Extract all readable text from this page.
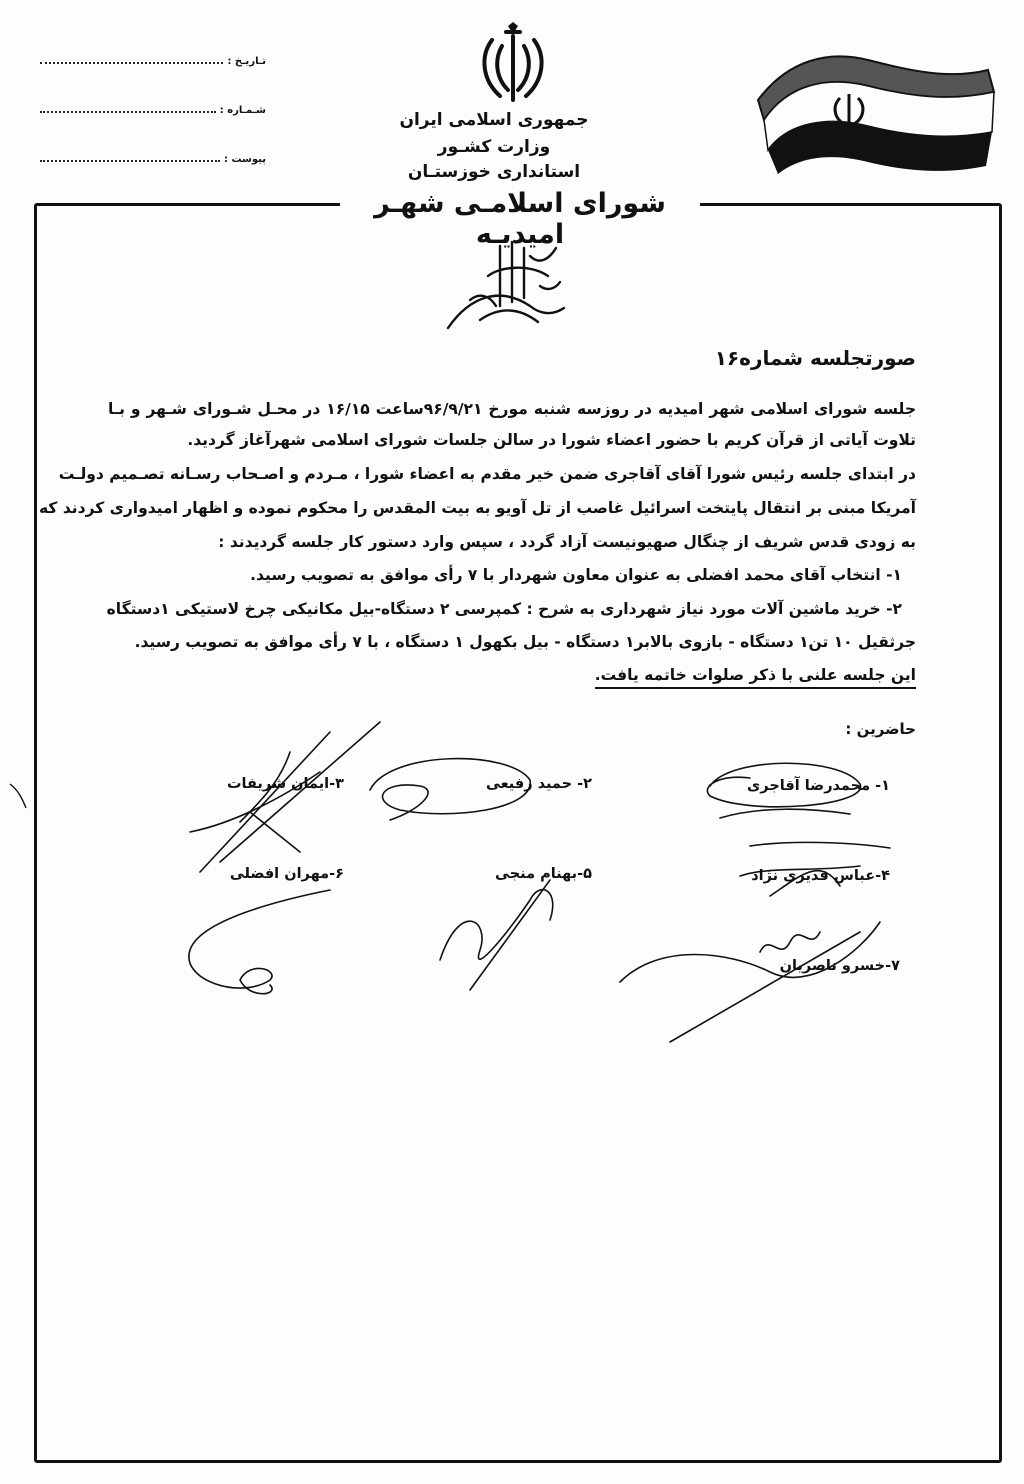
تـاریـخ :
شـمـاره :
پیوست :
جمهوری اسلامی ایران
وزارت کشـور
استانداری خوزستـان
شورای اسلامـی شهـر امیدیـه
صورتجلسه شماره۱۶
جلسه شورای اسلامی شهر امیدیه در روزسه شنبه مورخ ۹۶/۹/۲۱ساعت ۱۶/۱۵ در محـل شـورای شـهر و بـا
تلاوت آیاتی از قرآن کریم با حضور اعضاء شورا در سالن جلسات شورای اسلامی شهرآغاز گردید.
در ابتدای جلسه رئیس شورا آقای آقاجری ضمن خیر مقدم به اعضاء شورا ، مـردم و اصـحاب رسـانه تصـمیم دولـت
آمریکا مبنی بر انتقال پایتخت اسرائیل غاصب از تل آویو به بیت المقدس را محکوم نموده و اظهار امیدواری کردند که
به زودی قدس شریف از چنگال صهیونیست آزاد گردد ، سپس وارد دستور کار جلسه گردیدند :
۱- انتخاب آقای محمد افضلی به عنوان معاون شهردار با ۷ رأی موافق به تصویب رسید.
۲- خرید ماشین آلات مورد نیاز شهرداری به شرح : کمپرسی ۲ دستگاه-بیل مکانیکی چرخ لاستیکی ۱دستگاه
جرثقیل ۱۰ تن۱ دستگاه - بازوی بالابر۱ دستگاه - بیل بکهول ۱ دستگاه ، با ۷ رأی موافق به تصویب رسید.
این جلسه علنی با ذکر صلوات خاتمه یافت.
حاضرین :
۱- محمدرضا آقاجری
۲- حمید رفیعی
۳-ایمان شریفات
۴-عباس قدیری نژاد
۵-بهنام منجی
۶-مهران افضلی
۷-خسرو ناصریان
